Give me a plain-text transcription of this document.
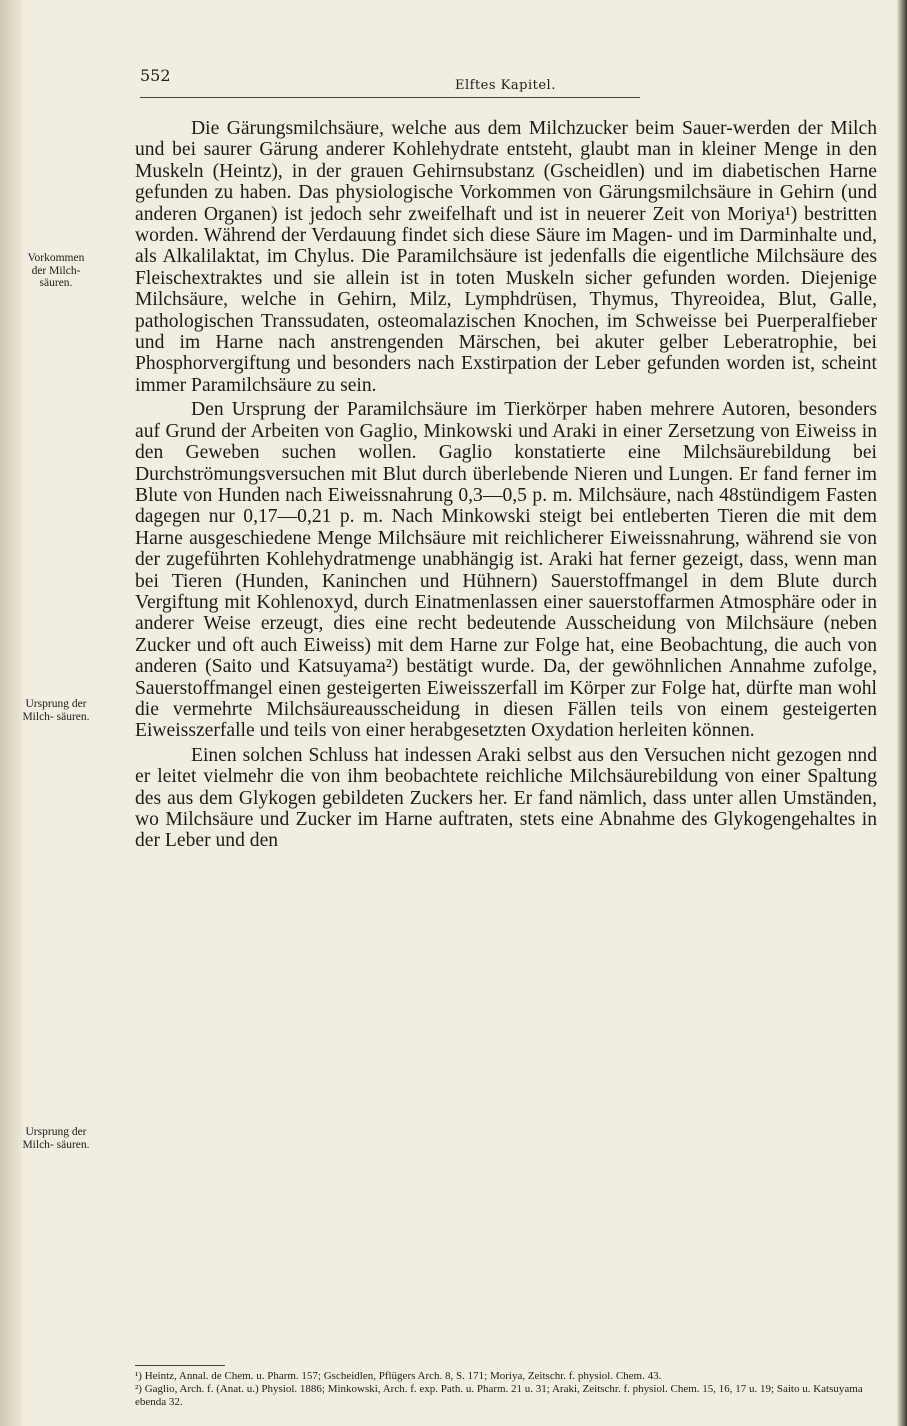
552
Elftes Kapitel.
Vorkommen der Milch- säuren.
Ursprung der Milch- säuren.
Ursprung der Milch- säuren.

Die Gärungsmilchsäure, welche aus dem Milchzucker beim Sauer-werden der Milch und bei saurer Gärung anderer Kohlehydrate entsteht, glaubt man in kleiner Menge in den Muskeln (Heintz), in der grauen Gehirnsubstanz (Gscheidlen) und im diabetischen Harne gefunden zu haben. Das physiologische Vorkommen von Gärungsmilchsäure in Gehirn (und anderen Organen) ist jedoch sehr zweifelhaft und ist in neuerer Zeit von Moriya¹) bestritten worden. Während der Verdauung findet sich diese Säure im Magen- und im Darminhalte und, als Alkalilaktat, im Chylus. Die Paramilchsäure ist jedenfalls die eigentliche Milchsäure des Fleischextraktes und sie allein ist in toten Muskeln sicher gefunden worden. Diejenige Milchsäure, welche in Gehirn, Milz, Lymphdrüsen, Thymus, Thyreoidea, Blut, Galle, pathologischen Transsudaten, osteomalazischen Knochen, im Schweisse bei Puerperalfieber und im Harne nach anstrengenden Märschen, bei akuter gelber Leberatrophie, bei Phosphorvergiftung und besonders nach Exstirpation der Leber gefunden worden ist, scheint immer Paramilchsäure zu sein.

Den Ursprung der Paramilchsäure im Tierkörper haben mehrere Autoren, besonders auf Grund der Arbeiten von Gaglio, Minkowski und Araki in einer Zersetzung von Eiweiss in den Geweben suchen wollen. Gaglio konstatierte eine Milchsäurebildung bei Durchströmungsversuchen mit Blut durch überlebende Nieren und Lungen. Er fand ferner im Blute von Hunden nach Eiweissnahrung 0,3—0,5 p. m. Milchsäure, nach 48stündigem Fasten dagegen nur 0,17—0,21 p. m. Nach Minkowski steigt bei entleberten Tieren die mit dem Harne ausgeschiedene Menge Milchsäure mit reichlicherer Eiweissnahrung, während sie von der zugeführten Kohlehydratmenge unabhängig ist. Araki hat ferner gezeigt, dass, wenn man bei Tieren (Hunden, Kaninchen und Hühnern) Sauerstoffmangel in dem Blute durch Vergiftung mit Kohlenoxyd, durch Einatmenlassen einer sauerstoffarmen Atmosphäre oder in anderer Weise erzeugt, dies eine recht bedeutende Ausscheidung von Milchsäure (neben Zucker und oft auch Eiweiss) mit dem Harne zur Folge hat, eine Beobachtung, die auch von anderen (Saito und Katsuyama²) bestätigt wurde. Da, der gewöhnlichen Annahme zufolge, Sauerstoffmangel einen gesteigerten Eiweisszerfall im Körper zur Folge hat, dürfte man wohl die vermehrte Milchsäureausscheidung in diesen Fällen teils von einem gesteigerten Eiweisszerfalle und teils von einer herabgesetzten Oxydation herleiten können.

Einen solchen Schluss hat indessen Araki selbst aus den Versuchen nicht gezogen nnd er leitet vielmehr die von ihm beobachtete reichliche Milchsäurebildung von einer Spaltung des aus dem Glykogen gebildeten Zuckers her. Er fand nämlich, dass unter allen Umständen, wo Milchsäure und Zucker im Harne auftraten, stets eine Abnahme des Glykogengehaltes in der Leber und den

¹) Heintz, Annal. de Chem. u. Pharm. 157; Gscheidlen, Pflügers Arch. 8, S. 171; Moriya, Zeitschr. f. physiol. Chem. 43.

²) Gaglio, Arch. f. (Anat. u.) Physiol. 1886; Minkowski, Arch. f. exp. Path. u. Pharm. 21 u. 31; Araki, Zeitschr. f. physiol. Chem. 15, 16, 17 u. 19; Saito u. Katsuyama ebenda 32.
